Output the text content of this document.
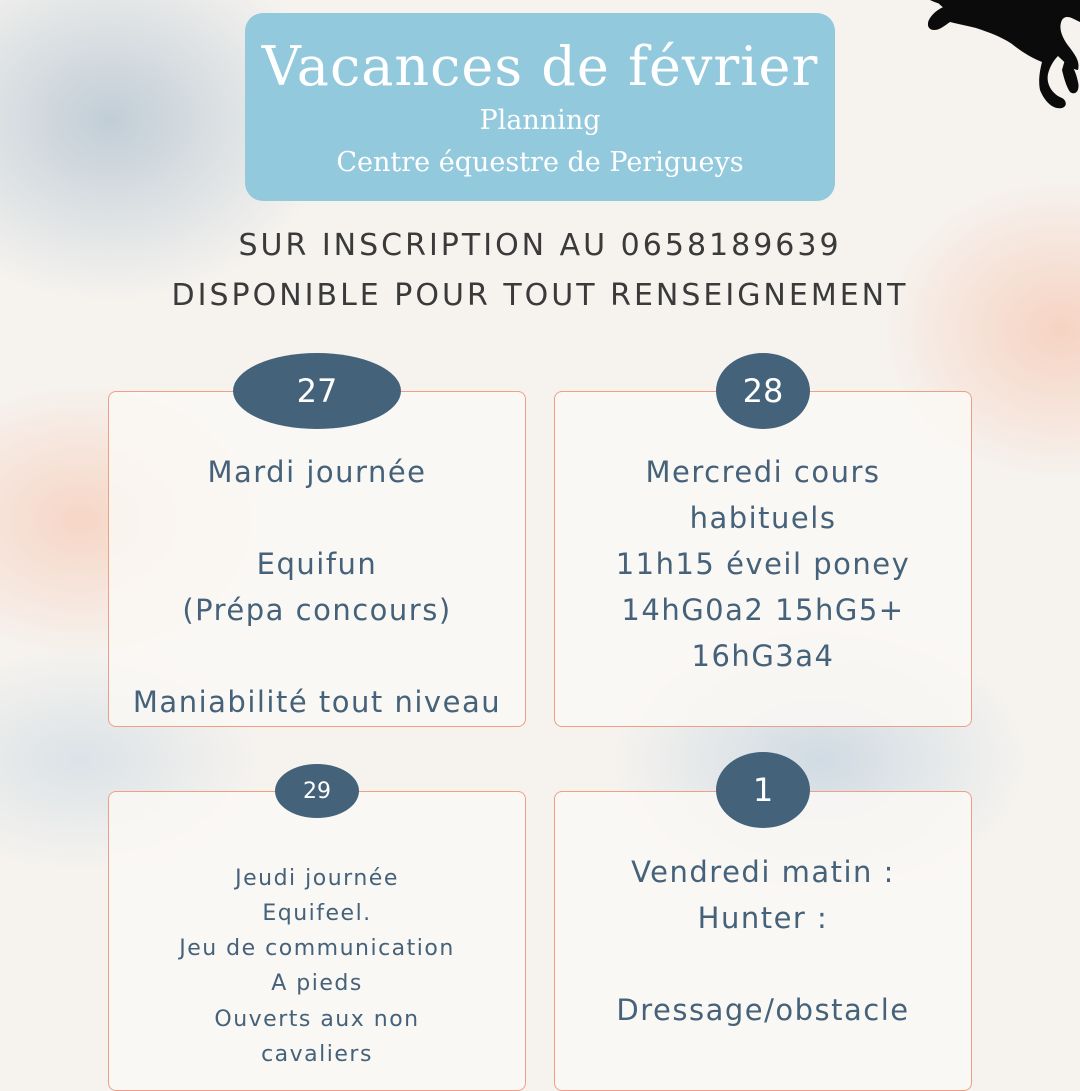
Vacances de février
Planning
Centre équestre de Perigueys
SUR INSCRIPTION AU 0658189639
DISPONIBLE POUR TOUT RENSEIGNEMENT
27
Mardi journée
Equifun
(Prépa concours)
Maniabilité tout niveau
28
Mercredi cours
habituels
11h15 éveil poney
14hG0a2 15hG5+
16hG3a4
29
Jeudi journée
Equifeel.
Jeu de communication
A pieds
Ouverts aux non
cavaliers
1
Vendredi matin :
Hunter :
Dressage/obstacle
